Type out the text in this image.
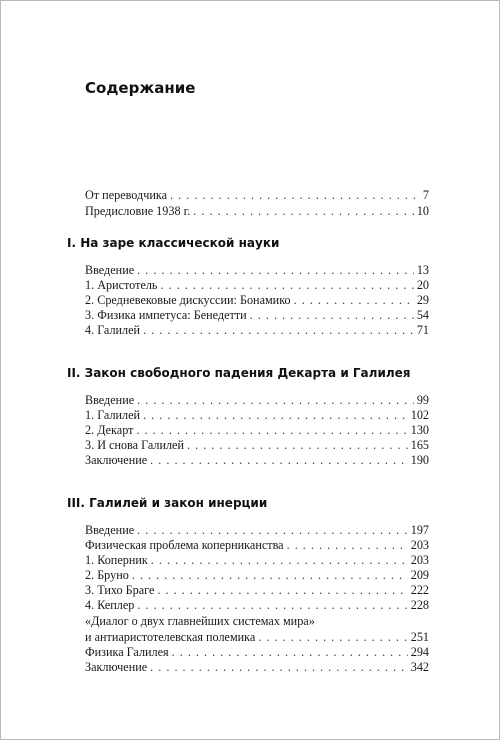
Содержание
От переводчика . . .	7
Предисловие 1938 г. . . .	10
I. На заре классической науки
Введение . . .	13
1. Аристотель . . .	20
2. Средневековые дискуссии: Бонамико . . .	29
3. Физика импетуса: Бенедетти . . .	54
4. Галилей . . .	71
II. Закон свободного падения Декарта и Галилея
Введение . . .	99
1. Галилей . . .	102
2. Декарт . . .	130
3. И снова Галилей . . .	165
Заключение . . .	190
III. Галилей и закон инерции
Введение . . .	197
Физическая проблема коперниканства . . .	203
1. Коперник . . .	203
2. Бруно . . .	209
3. Тихо Браге . . .	222
4. Кеплер . . .	228
«Диалог о двух главнейших системах мира»
и антиаристотелевская полемика . . .	251
Физика Галилея . . .	294
Заключение . . .	342
